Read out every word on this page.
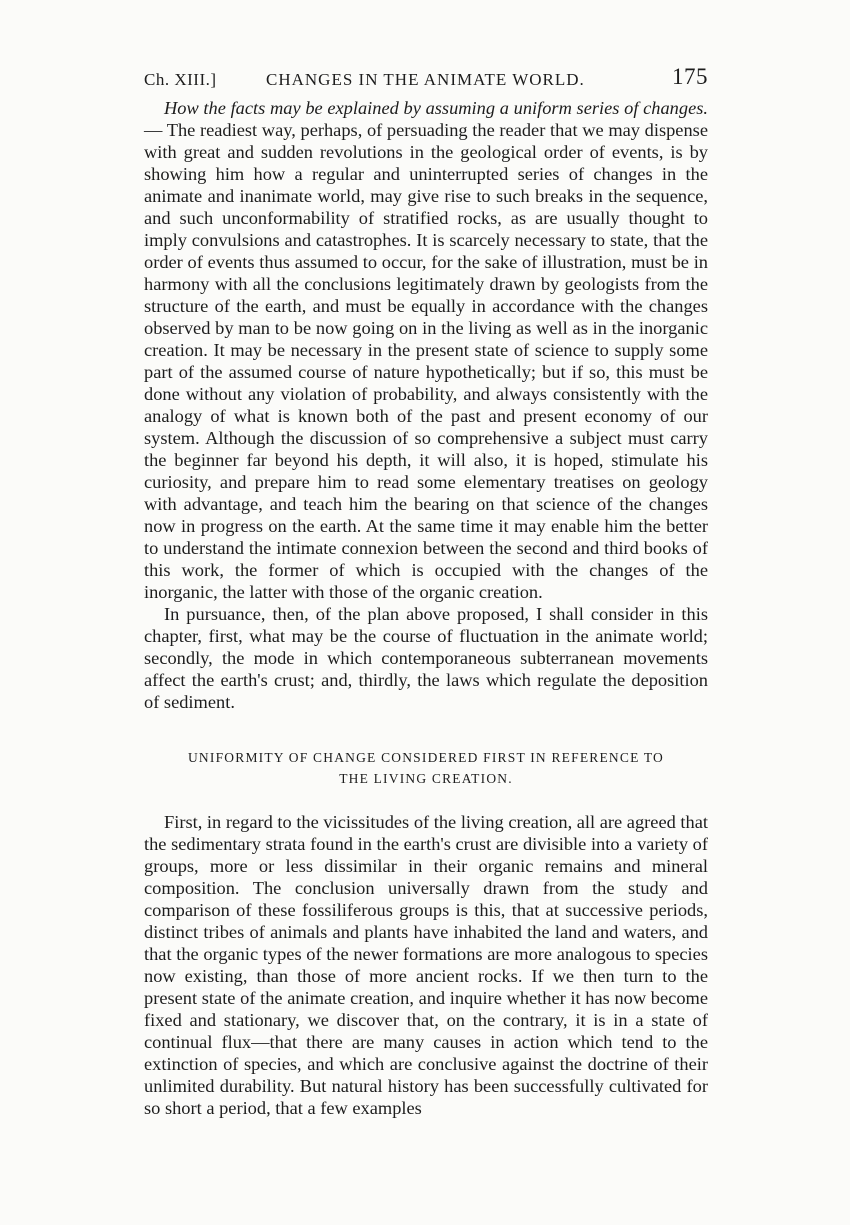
Ch. XIII.]	CHANGES IN THE ANIMATE WORLD.	175

How the facts may be explained by assuming a uniform series of changes.— The readiest way, perhaps, of persuading the reader that we may dispense with great and sudden revolutions in the geological order of events, is by showing him how a regular and uninterrupted series of changes in the animate and inanimate world, may give rise to such breaks in the sequence, and such unconformability of stratified rocks, as are usually thought to imply convulsions and catastrophes. It is scarcely necessary to state, that the order of events thus assumed to occur, for the sake of illustration, must be in harmony with all the conclusions legitimately drawn by geologists from the structure of the earth, and must be equally in accordance with the changes observed by man to be now going on in the living as well as in the inorganic creation. It may be necessary in the present state of science to supply some part of the assumed course of nature hypothetically; but if so, this must be done without any violation of probability, and always consistently with the analogy of what is known both of the past and present economy of our system. Although the discussion of so comprehensive a subject must carry the beginner far beyond his depth, it will also, it is hoped, stimulate his curiosity, and prepare him to read some elementary treatises on geology with advantage, and teach him the bearing on that science of the changes now in progress on the earth. At the same time it may enable him the better to understand the intimate connexion between the second and third books of this work, the former of which is occupied with the changes of the inorganic, the latter with those of the organic creation.

In pursuance, then, of the plan above proposed, I shall consider in this chapter, first, what may be the course of fluctuation in the animate world; secondly, the mode in which contemporaneous subterranean movements affect the earth's crust; and, thirdly, the laws which regulate the deposition of sediment.

UNIFORMITY OF CHANGE CONSIDERED FIRST IN REFERENCE TO
THE LIVING CREATION.

First, in regard to the vicissitudes of the living creation, all are agreed that the sedimentary strata found in the earth's crust are divisible into a variety of groups, more or less dissimilar in their organic remains and mineral composition. The conclusion universally drawn from the study and comparison of these fossiliferous groups is this, that at successive periods, distinct tribes of animals and plants have inhabited the land and waters, and that the organic types of the newer formations are more analogous to species now existing, than those of more ancient rocks. If we then turn to the present state of the animate creation, and inquire whether it has now become fixed and stationary, we discover that, on the contrary, it is in a state of continual flux—that there are many causes in action which tend to the extinction of species, and which are conclusive against the doctrine of their unlimited durability. But natural history has been successfully cultivated for so short a period, that a few examples
